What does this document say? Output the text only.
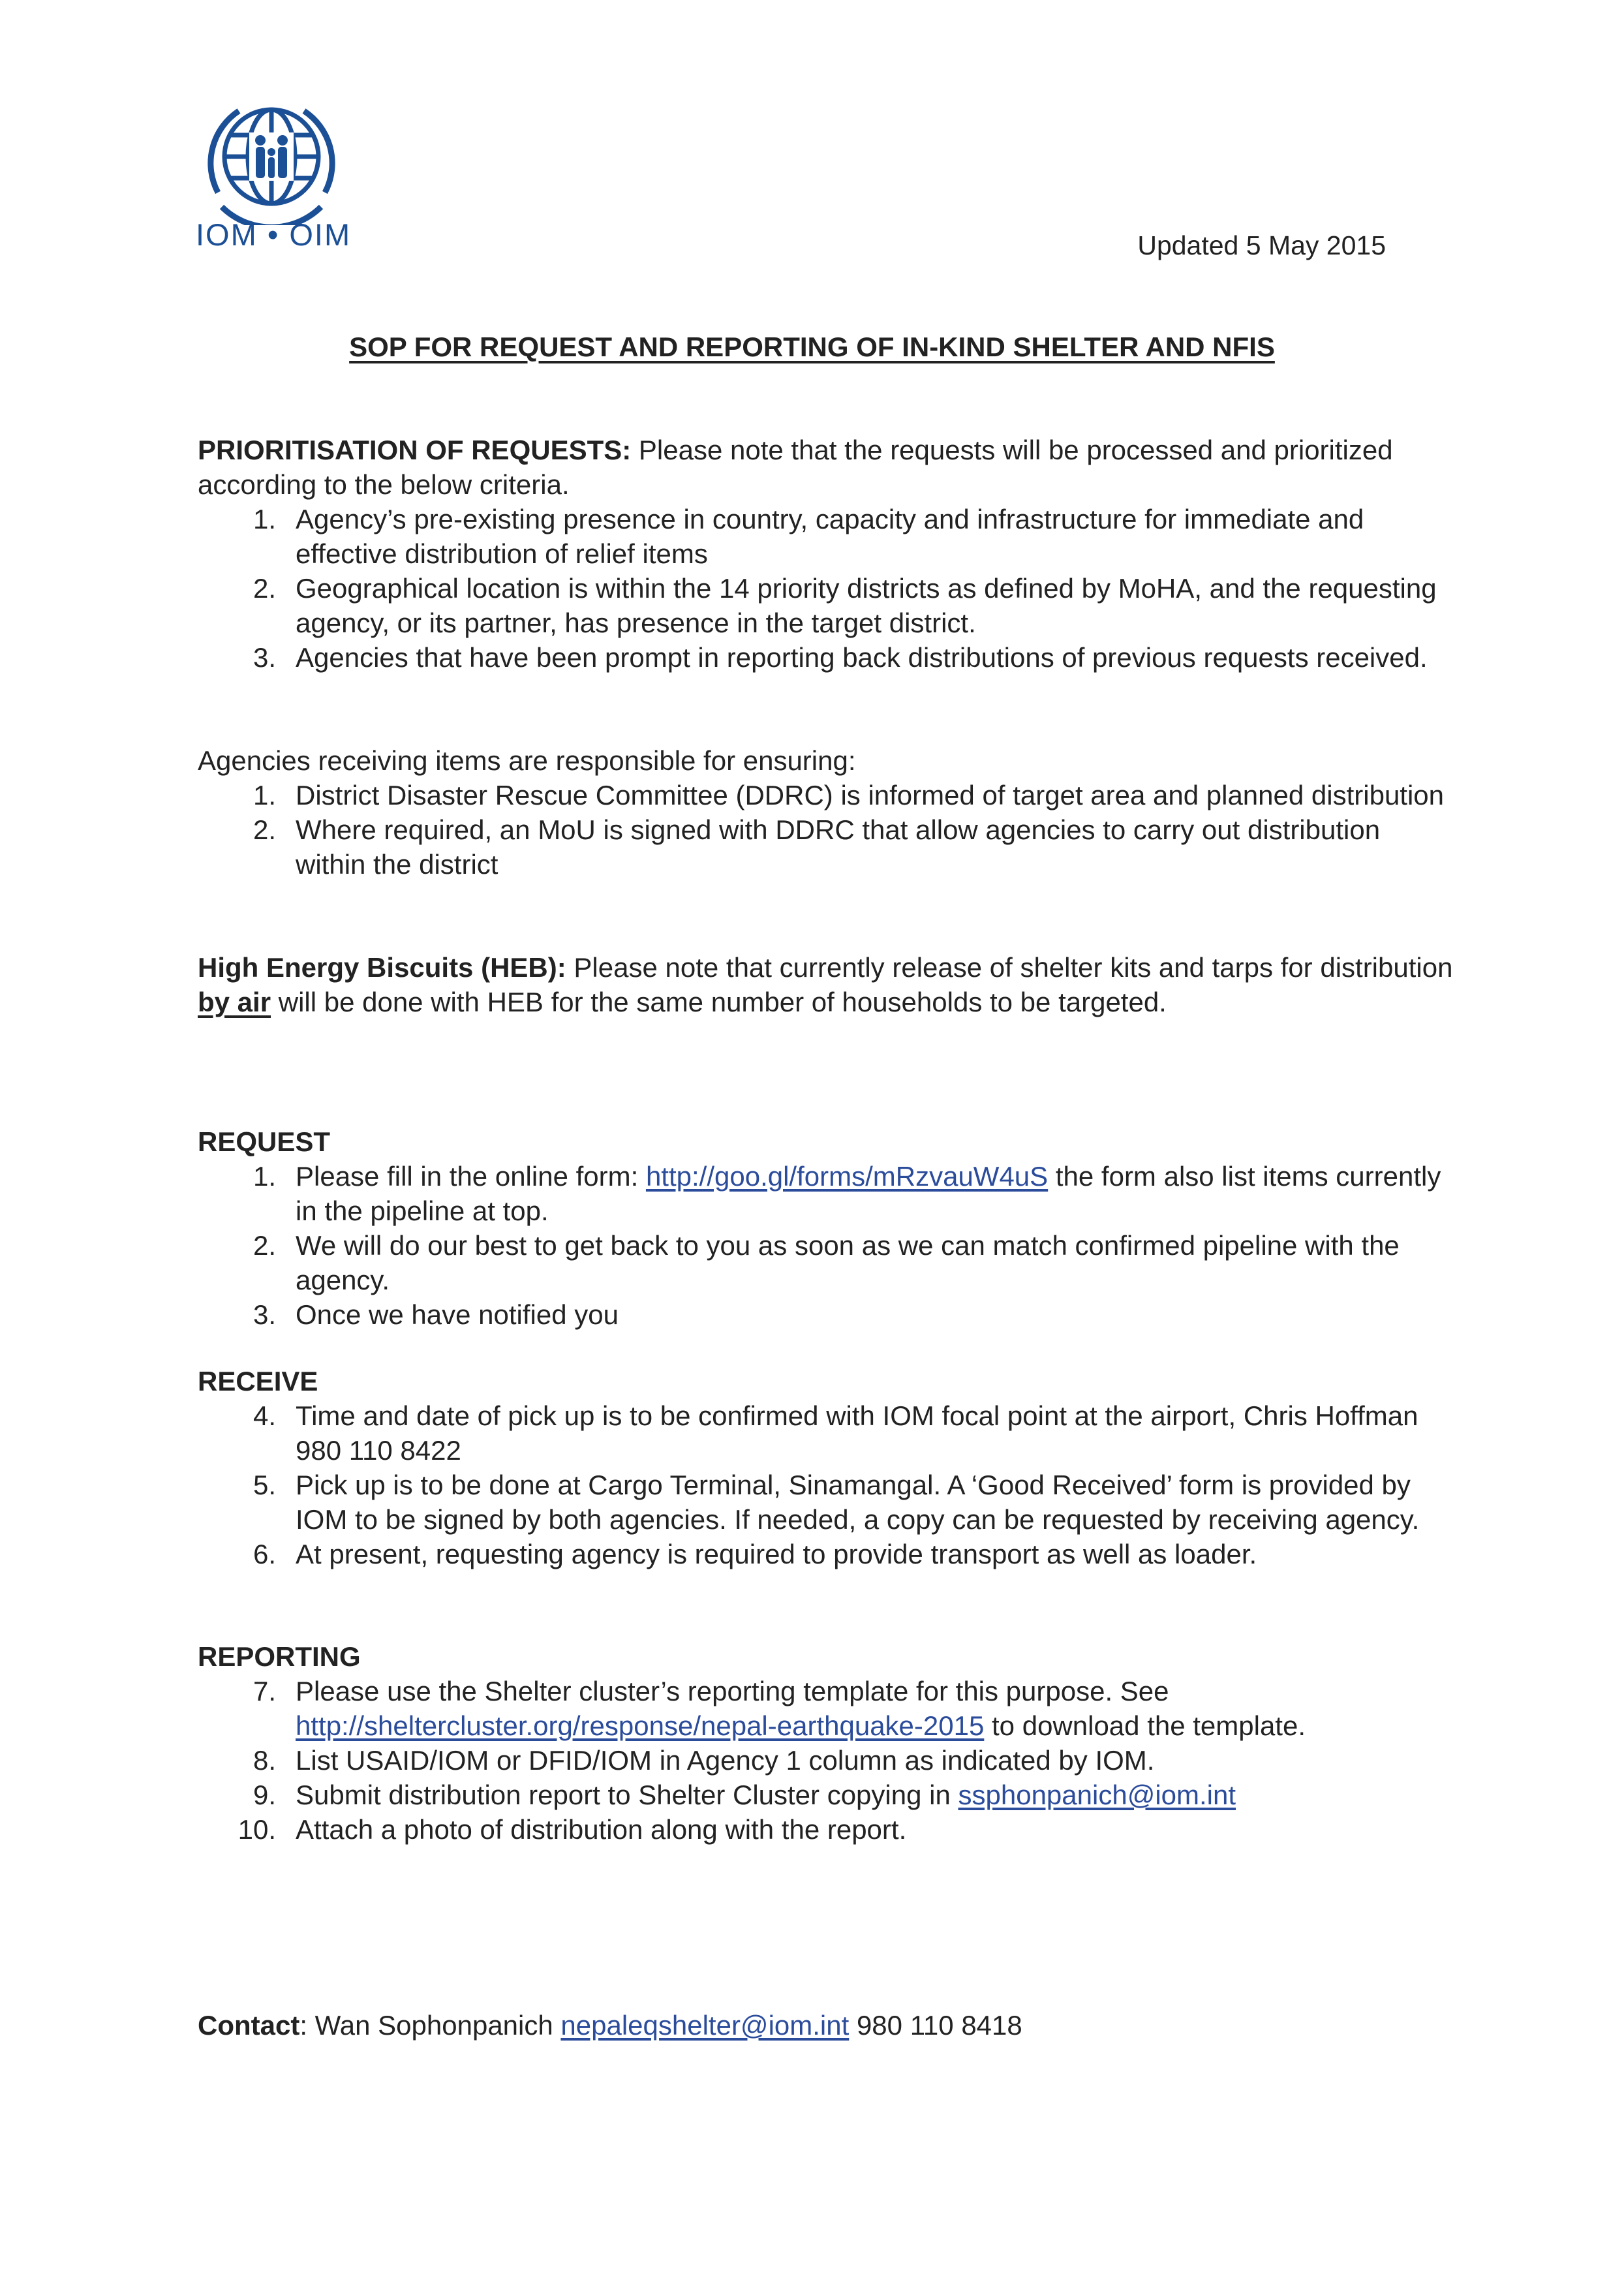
IOM • OIM	Updated 5 May 2015
SOP FOR REQUEST AND REPORTING OF IN-KIND SHELTER AND NFIS

PRIORITISATION OF REQUESTS: Please note that the requests will be processed and prioritized according to the below criteria.

1. Agency’s pre-existing presence in country, capacity and infrastructure for immediate and effective distribution of relief items
2. Geographical location is within the 14 priority districts as defined by MoHA, and the requesting agency, or its partner, has presence in the target district.
3. Agencies that have been prompt in reporting back distributions of previous requests received.

Agencies receiving items are responsible for ensuring:

1. District Disaster Rescue Committee (DDRC) is informed of target area and planned distribution
2. Where required, an MoU is signed with DDRC that allow agencies to carry out distribution within the district

High Energy Biscuits (HEB): Please note that currently release of shelter kits and tarps for distribution by air will be done with HEB for the same number of households to be targeted.

REQUEST

1. Please fill in the online form: http://goo.gl/forms/mRzvauW4uS the form also list items currently in the pipeline at top.
2. We will do our best to get back to you as soon as we can match confirmed pipeline with the agency.
3. Once we have notified you

RECEIVE

4. Time and date of pick up is to be confirmed with IOM focal point at the airport, Chris Hoffman 980 110 8422
5. Pick up is to be done at Cargo Terminal, Sinamangal. A ‘Good Received’ form is provided by IOM to be signed by both agencies. If needed, a copy can be requested by receiving agency.
6. At present, requesting agency is required to provide transport as well as loader.

REPORTING

7. Please use the Shelter cluster’s reporting template for this purpose. See http://sheltercluster.org/response/nepal-earthquake-2015 to download the template.
8. List USAID/IOM or DFID/IOM in Agency 1 column as indicated by IOM.
9. Submit distribution report to Shelter Cluster copying in ssphonpanich@iom.int
10. Attach a photo of distribution along with the report.

Contact: Wan Sophonpanich nepaleqshelter@iom.int 980 110 8418
